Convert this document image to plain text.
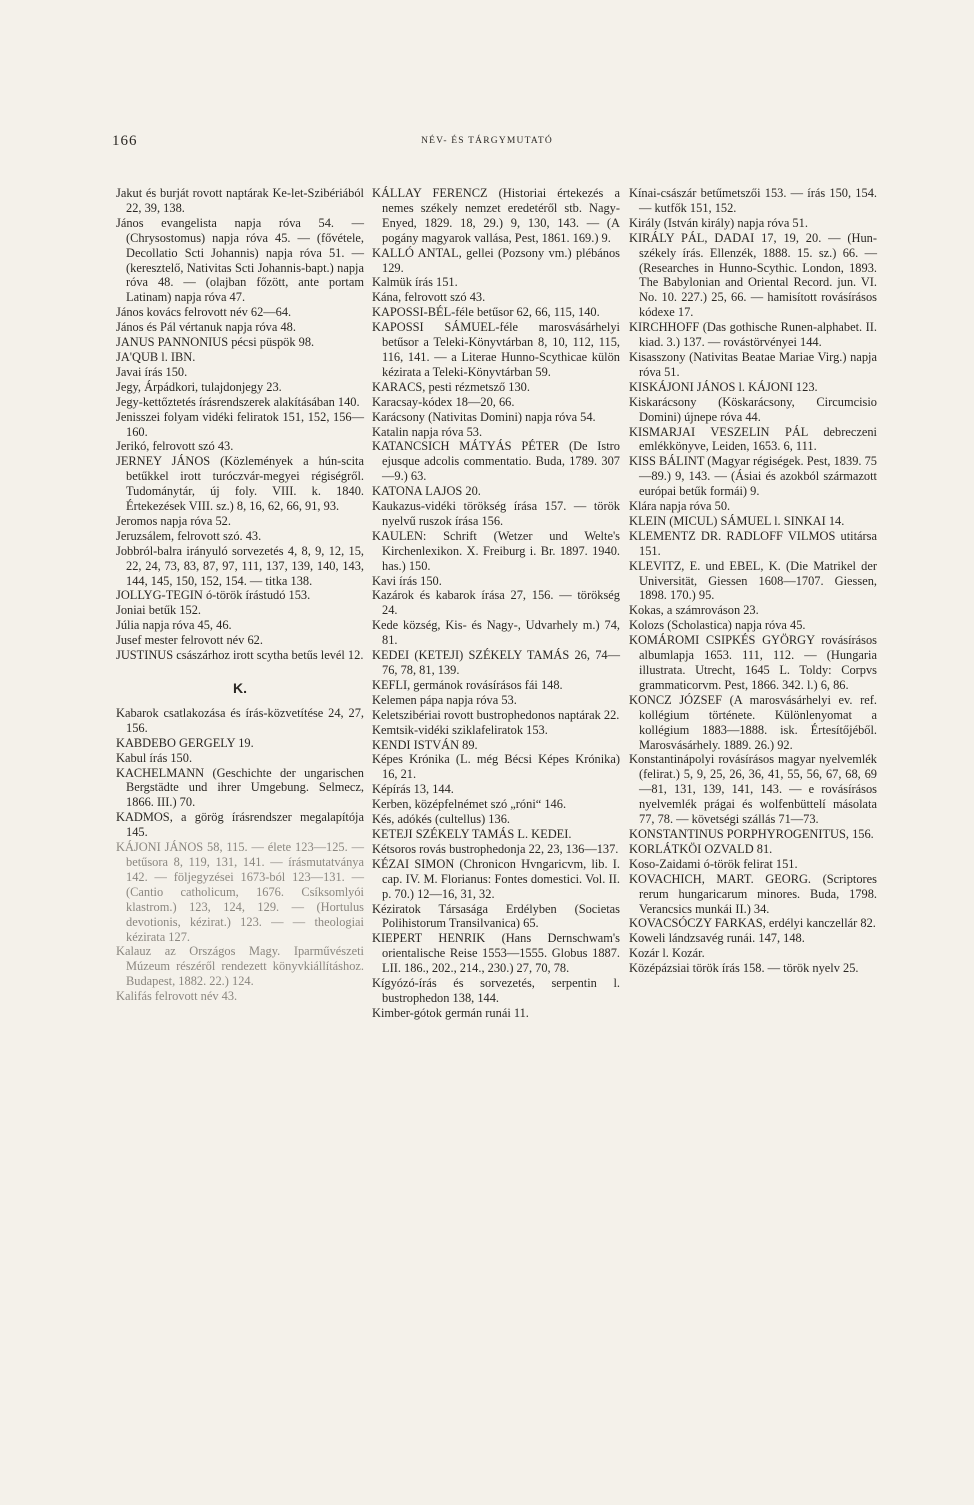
166	NÉV- ÉS TÁRGYMUTATÓ

Jakut és burját rovott naptárak Ke-let-Szibériából 22, 39, 138.

János evangelista napja róva 54. — (Chrysostomus) napja róva 45. — (fővétele, Decollatio Scti Johannis) napja róva 51. — (keresztelő, Nativitas Scti Johannis-bapt.) napja róva 48. — (olajban főzött, ante portam Latinam) napja róva 47.

János kovács felrovott név 62—64.

János és Pál vértanuk napja róva 48.

JANUS PANNONIUS pécsi püspök 98.

JA'QUB l. IBN.

Javai írás 150.

Jegy, Árpádkori, tulajdonjegy 23.

Jegy-kettőztetés írásrendszerek alakításában 140.

Jenisszei folyam vidéki feliratok 151, 152, 156—160.

Jerikó, felrovott szó 43.

JERNEY JÁNOS (Közlemények a hún-scita betűkkel irott turóczvár-megyei régiségről. Tudománytár, új foly. VIII. k. 1840. Értekezések VIII. sz.) 8, 16, 62, 66, 91, 93.

Jeromos napja róva 52.

Jeruzsálem, felrovott szó. 43.

Jobbról-balra irányuló sorvezetés 4, 8, 9, 12, 15, 22, 24, 73, 83, 87, 97, 111, 137, 139, 140, 143, 144, 145, 150, 152, 154. — titka 138.

JOLLYG-TEGIN ó-török írástudó 153.

Joniai betűk 152.

Júlia napja róva 45, 46.

Jusef mester felrovott név 62.

JUSTINUS császárhoz irott scytha betűs levél 12.

K.

Kabarok csatlakozása és írás-közvetítése 24, 27, 156.

KABDEBO GERGELY 19.

Kabul írás 150.

KACHELMANN (Geschichte der ungarischen Bergstädte und ihrer Umgebung. Selmecz, 1866. III.) 70.

KADMOS, a görög írásrendszer megalapítója 145.

KÁJONI JÁNOS 58, 115. — élete 123—125. — betűsora 8, 119, 131, 141. — írásmutatványa 142. — följegyzései 1673-ból 123—131. — (Cantio catholicum, 1676. Csíksomlyói klastrom.) 123, 124, 129. — (Hortulus devotionis, kézirat.) 123. — — theologiai kézirata 127.

Kalauz az Országos Magy. Iparművészeti Múzeum részéről rendezett könyvkiállításhoz. Budapest, 1882. 22.) 124.

Kalifás felrovott név 43.

KÁLLAY FERENCZ (Historiai értekezés a nemes székely nemzet eredetéről stb. Nagy-Enyed, 1829. 18, 29.) 9, 130, 143. — (A pogány magyarok vallása, Pest, 1861. 169.) 9.

KALLÓ ANTAL, gellei (Pozsony vm.) plébános 129.

Kalmük írás 151.

Kána, felrovott szó 43.

KAPOSSI-BÉL-féle betűsor 62, 66, 115, 140.

KAPOSSI SÁMUEL-féle marosvásárhelyi betűsor a Teleki-Könyvtárban 8, 10, 112, 115, 116, 141. — a Literae Hunno-Scythicae külön kézirata a Teleki-Könyvtárban 59.

KARACS, pesti rézmetsző 130.

Karacsay-kódex 18—20, 66.

Karácsony (Nativitas Domini) napja róva 54.

Katalin napja róva 53.

KATANCSICH MÁTYÁS PÉTER (De Istro ejusque adcolis commentatio. Buda, 1789. 307—9.) 63.

KATONA LAJOS 20.

Kaukazus-vidéki törökség írása 157. — török nyelvű ruszok írása 156.

KAULEN: Schrift (Wetzer und Welte's Kirchenlexikon. X. Freiburg i. Br. 1897. 1940. has.) 150.

Kavi írás 150.

Kazárok és kabarok írása 27, 156. — törökség 24.

Kede község, Kis- és Nagy-, Udvarhely m.) 74, 81.

KEDEI (KETEJI) SZÉKELY TAMÁS 26, 74—76, 78, 81, 139.

KEFLI, germánok rovásírásos fái 148.

Kelemen pápa napja róva 53.

Keletszibériai rovott bustrophedonos naptárak 22.

Kemtsik-vidéki sziklafeliratok 153.

KENDI ISTVÁN 89.

Képes Krónika (L. még Bécsi Képes Krónika) 16, 21.

Képírás 13, 144.

Kerben, középfelnémet szó „róni“ 146.

Kés, adókés (cultellus) 136.

KETEJI SZÉKELY TAMÁS L. KEDEI.

Kétsoros rovás bustrophedonja 22, 23, 136—137.

KÉZAI SIMON (Chronicon Hvngaricvm, lib. I. cap. IV. M. Florianus: Fontes domestici. Vol. II. p. 70.) 12—16, 31, 32.

Kéziratok Társasága Erdélyben (Societas Polihistorum Transilvanica) 65.

KIEPERT HENRIK (Hans Dernschwam's orientalische Reise 1553—1555. Globus 1887. LII. 186., 202., 214., 230.) 27, 70, 78.

Kígyózó-írás és sorvezetés, serpentin l. bustrophedon 138, 144.

Kimber-gótok germán runái 11.

Kínai-császár betűmetszői 153. — írás 150, 154. — kutfők 151, 152.

Király (István király) napja róva 51.

KIRÁLY PÁL, DADAI 17, 19, 20. — (Hun-székely írás. Ellenzék, 1888. 15. sz.) 66. — (Researches in Hunno-Scythic. London, 1893. The Babylonian and Oriental Record. jun. VI. No. 10. 227.) 25, 66. — hamisított rovásírásos kódexe 17.

KIRCHHOFF (Das gothische Runen-alphabet. II. kiad. 3.) 137. — rovástörvényei 144.

Kisasszony (Nativitas Beatae Mariae Virg.) napja róva 51.

KISKÁJONI JÁNOS l. KÁJONI 123.

Kiskarácsony (Köskarácsony, Circumcisio Domini) újnepe róva 44.

KISMARJAI VESZELIN PÁL debreczeni emlékkönyve, Leiden, 1653. 6, 111.

KISS BÁLINT (Magyar régiségek. Pest, 1839. 75—89.) 9, 143. — (Ásiai és azokból származott európai betűk formái) 9.

Klára napja róva 50.

KLEIN (MICUL) SÁMUEL l. SINKAI 14.

KLEMENTZ DR. RADLOFF VILMOS utitársa 151.

KLEVITZ, E. und EBEL, K. (Die Matrikel der Universität, Giessen 1608—1707. Giessen, 1898. 170.) 95.

Kokas, a számrováson 23.

Kolozs (Scholastica) napja róva 45.

KOMÁROMI CSIPKÉS GYÖRGY rovásírásos albumlapja 1653. 111, 112. — (Hungaria illustrata. Utrecht, 1645 L. Toldy: Corpvs grammaticorvm. Pest, 1866. 342. l.) 6, 86.

KONCZ JÓZSEF (A marosvásárhelyi ev. ref. kollégium története. Különlenyomat a kollégium 1883—1888. isk. Értesítőjéből. Marosvásárhely. 1889. 26.) 92.

Konstantinápolyi rovásírásos magyar nyelvemlék (felirat.) 5, 9, 25, 26, 36, 41, 55, 56, 67, 68, 69—81, 131, 139, 141, 143. — e rovásírásos nyelvemlék prágai és wolfenbüttelí másolata 77, 78. — követségi szállás 71—73.

KONSTANTINUS PORPHYROGENITUS, 156.

KORLÁTKÖI OZVALD 81.

Koso-Zaidami ó-török felirat 151.

KOVACHICH, MART. GEORG. (Scriptores rerum hungaricarum minores. Buda, 1798. Verancsics munkái II.) 34.

KOVACSÓCZY FARKAS, erdélyi kanczellár 82.

Koweli lándzsavég runái. 147, 148.

Kozár l. Kozár.

Középázsiai török írás 158. — török nyelv 25.
